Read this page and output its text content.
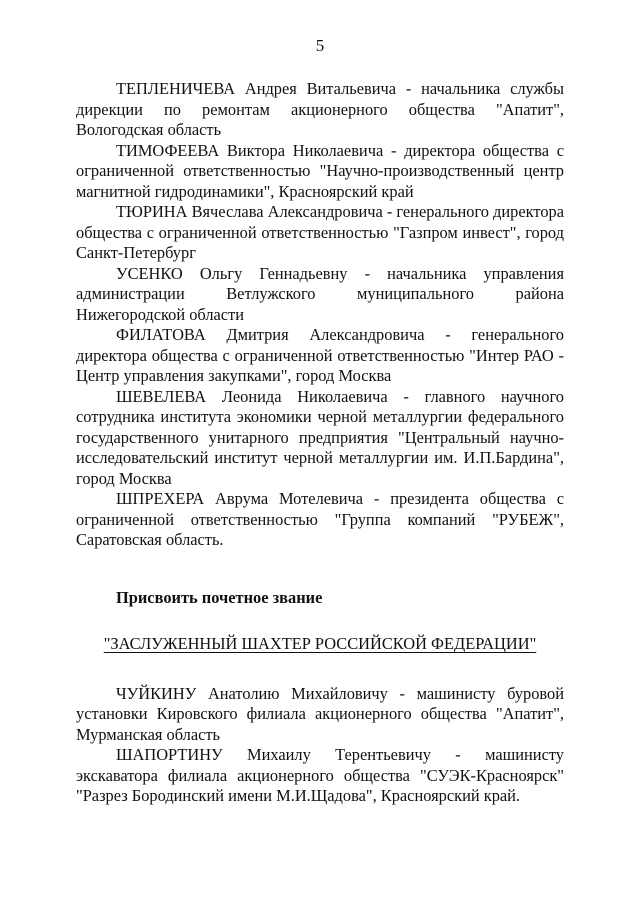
5

ТЕПЛЕНИЧЕВА Андрея Витальевича - начальника службы дирекции по ремонтам акционерного общества "Апатит", Вологодская область

ТИМОФЕЕВА Виктора Николаевича - директора общества с ограниченной ответственностью "Научно-производственный центр магнитной гидродинамики", Красноярский край

ТЮРИНА Вячеслава Александровича - генерального директора общества с ограниченной ответственностью "Газпром инвест", город Санкт-Петербург

УСЕНКО Ольгу Геннадьевну - начальника управления администрации Ветлужского муниципального района Нижегородской области

ФИЛАТОВА Дмитрия Александровича - генерального директора общества с ограниченной ответственностью "Интер РАО - Центр управления закупками", город Москва

ШЕВЕЛЕВА Леонида Николаевича - главного научного сотрудника института экономики черной металлургии федерального государственного унитарного предприятия "Центральный научно-исследовательский институт черной металлургии им. И.П.Бардина", город Москва

ШПРЕХЕРА Аврума Мотелевича - президента общества с ограниченной ответственностью "Группа компаний "РУБЕЖ", Саратовская область.

Присвоить почетное звание
"ЗАСЛУЖЕННЫЙ ШАХТЕР РОССИЙСКОЙ ФЕДЕРАЦИИ"

ЧУЙКИНУ Анатолию Михайловичу - машинисту буровой установки Кировского филиала акционерного общества "Апатит", Мурманская область

ШАПОРТИНУ Михаилу Терентьевичу - машинисту экскаватора филиала акционерного общества "СУЭК-Красноярск" "Разрез Бородинский имени М.И.Щадова", Красноярский край.
